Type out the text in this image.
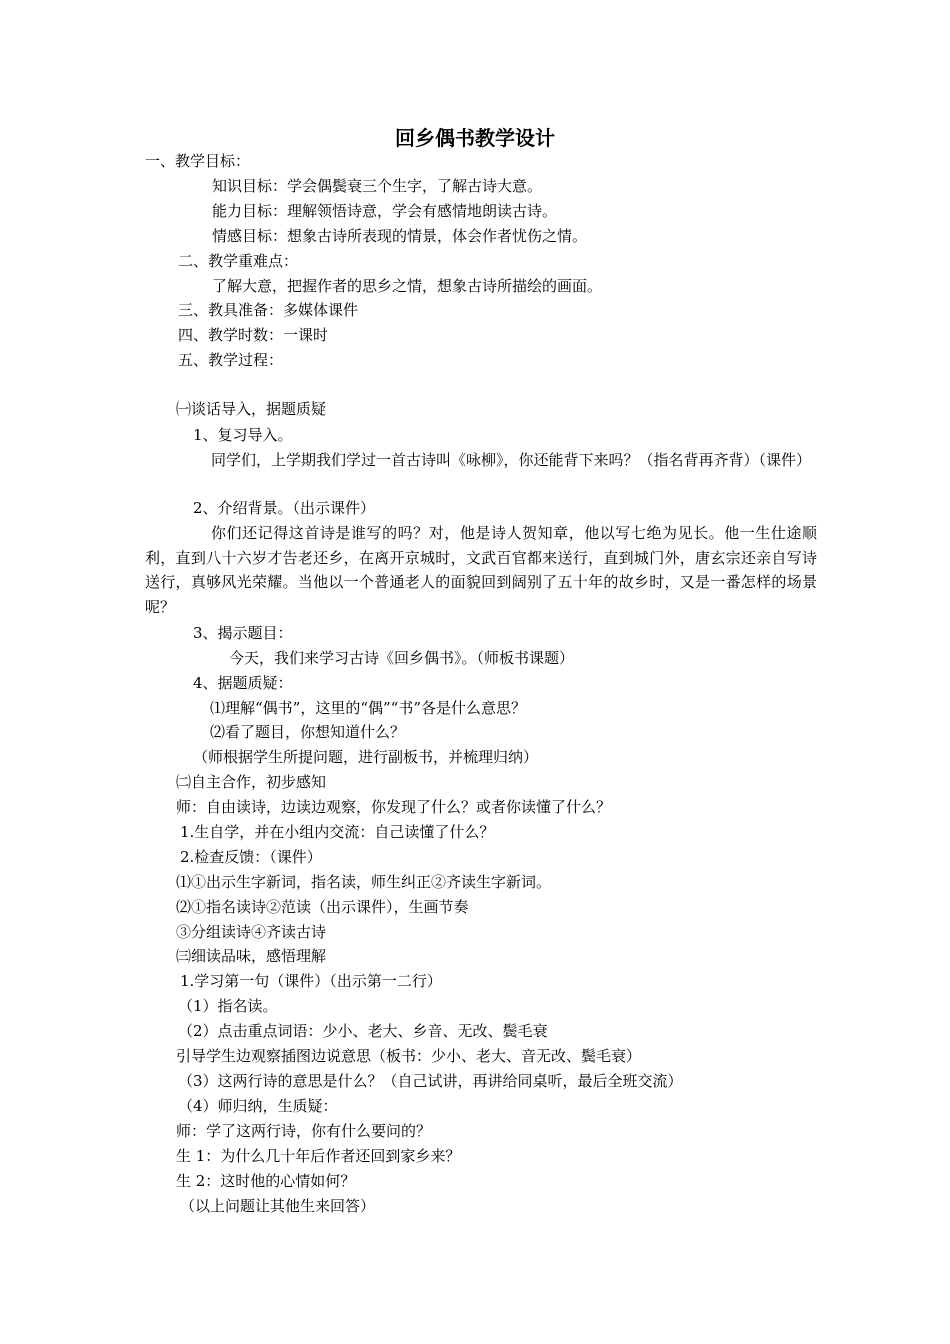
回乡偶书教学设计
一、教学目标：
知识目标：学会偶鬓衰三个生字，了解古诗大意。
能力目标：理解领悟诗意，学会有感情地朗读古诗。
情感目标：想象古诗所表现的情景，体会作者忧伤之情。
二、教学重难点：
了解大意，把握作者的思乡之情，想象古诗所描绘的画面。
三、教具准备：多媒体课件
四、教学时数：一课时
五、教学过程：
㈠谈话导入，据题质疑
1、复习导入。
同学们，上学期我们学过一首古诗叫《咏柳》，你还能背下来吗？（指名背再齐背）（课件）
2、介绍背景。（出示课件）
你们还记得这首诗是谁写的吗？对，他是诗人贺知章，他以写七绝为见长。他一生仕途顺利，直到八十六岁才告老还乡，在离开京城时，文武百官都来送行，直到城门外，唐玄宗还亲自写诗送行，真够风光荣耀。当他以一个普通老人的面貌回到阔别了五十年的故乡时，又是一番怎样的场景呢？
3、揭示题目：
今天，我们来学习古诗《回乡偶书》。（师板书课题）
4、据题质疑：
⑴理解“偶书”，这里的“偶”“书”各是什么意思？
⑵看了题目，你想知道什么？
（师根据学生所提问题，进行副板书，并梳理归纳）
㈡自主合作，初步感知
师：自由读诗，边读边观察，你发现了什么？或者你读懂了什么？
1.生自学，并在小组内交流：自己读懂了什么？
2.检查反馈：（课件）
⑴①出示生字新词，指名读，师生纠正②齐读生字新词。
⑵①指名读诗②范读（出示课件），生画节奏
③分组读诗④齐读古诗
㈢细读品味，感悟理解
1.学习第一句（课件）（出示第一二行）
（1）指名读。
（2）点击重点词语：少小、老大、乡音、无改、鬓毛衰
引导学生边观察插图边说意思（板书：少小、老大、音无改、鬓毛衰）
（3）这两行诗的意思是什么？（自己试讲，再讲给同桌听，最后全班交流）
（4）师归纳，生质疑：
师：学了这两行诗，你有什么要问的？
生 1：为什么几十年后作者还回到家乡来？
生 2：这时他的心情如何？
（以上问题让其他生来回答）
